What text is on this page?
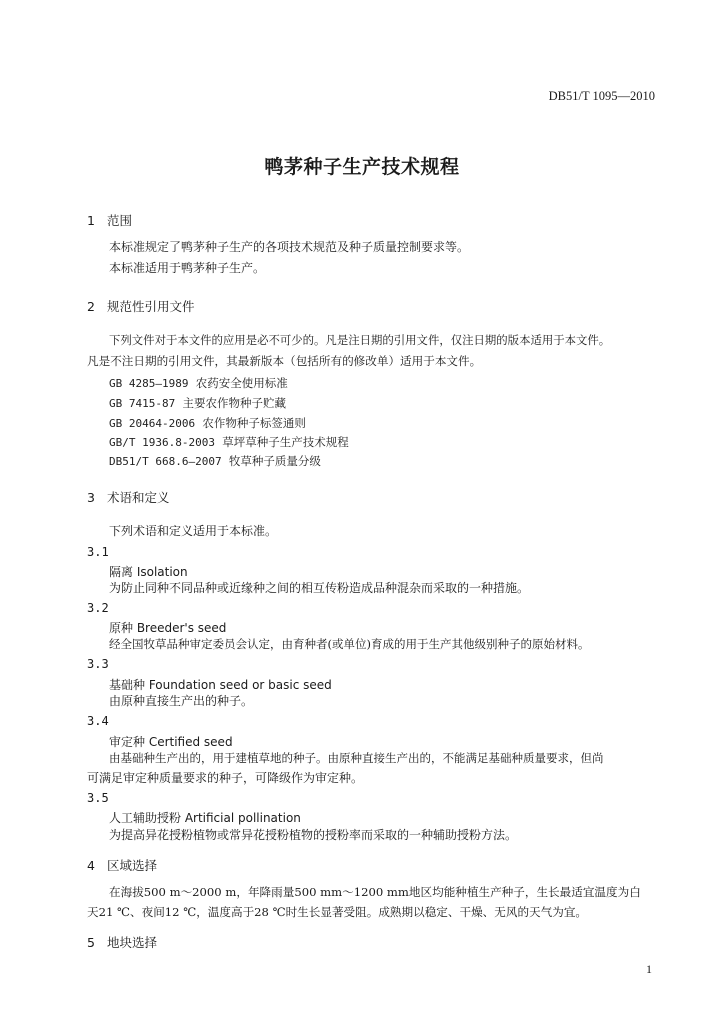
DB51/T 1095—2010
鸭茅种子生产技术规程
1 范围
本标准规定了鸭茅种子生产的各项技术规范及种子质量控制要求等。
本标准适用于鸭茅种子生产。
2 规范性引用文件
下列文件对于本文件的应用是必不可少的。凡是注日期的引用文件，仅注日期的版本适用于本文件。
凡是不注日期的引用文件，其最新版本（包括所有的修改单）适用于本文件。
GB 4285—1989 农药安全使用标准
GB 7415-87 主要农作物种子贮藏
GB 20464-2006 农作物种子标签通则
GB/T 1936.8-2003 草坪草种子生产技术规程
DB51/T 668.6—2007 牧草种子质量分级
3 术语和定义
下列术语和定义适用于本标准。
3.1
隔离 Isolation
为防止同种不同品种或近缘种之间的相互传粉造成品种混杂而采取的一种措施。
3.2
原种 Breeder's seed
经全国牧草品种审定委员会认定，由育种者(或单位)育成的用于生产其他级别种子的原始材料。
3.3
基础种 Foundation seed or basic seed
由原种直接生产出的种子。
3.4
审定种 Certified seed
由基础种生产出的，用于建植草地的种子。由原种直接生产出的，不能满足基础种质量要求，但尚
可满足审定种质量要求的种子，可降级作为审定种。
3.5
人工辅助授粉 Artificial pollination
为提高异花授粉植物或常异花授粉植物的授粉率而采取的一种辅助授粉方法。
4 区域选择
在海拔500 m～2000 m，年降雨量500 mm～1200 mm地区均能种植生产种子，生长最适宜温度为白
天21 ℃、夜间12 ℃，温度高于28 ℃时生长显著受阻。成熟期以稳定、干燥、无风的天气为宜。
5 地块选择
1
